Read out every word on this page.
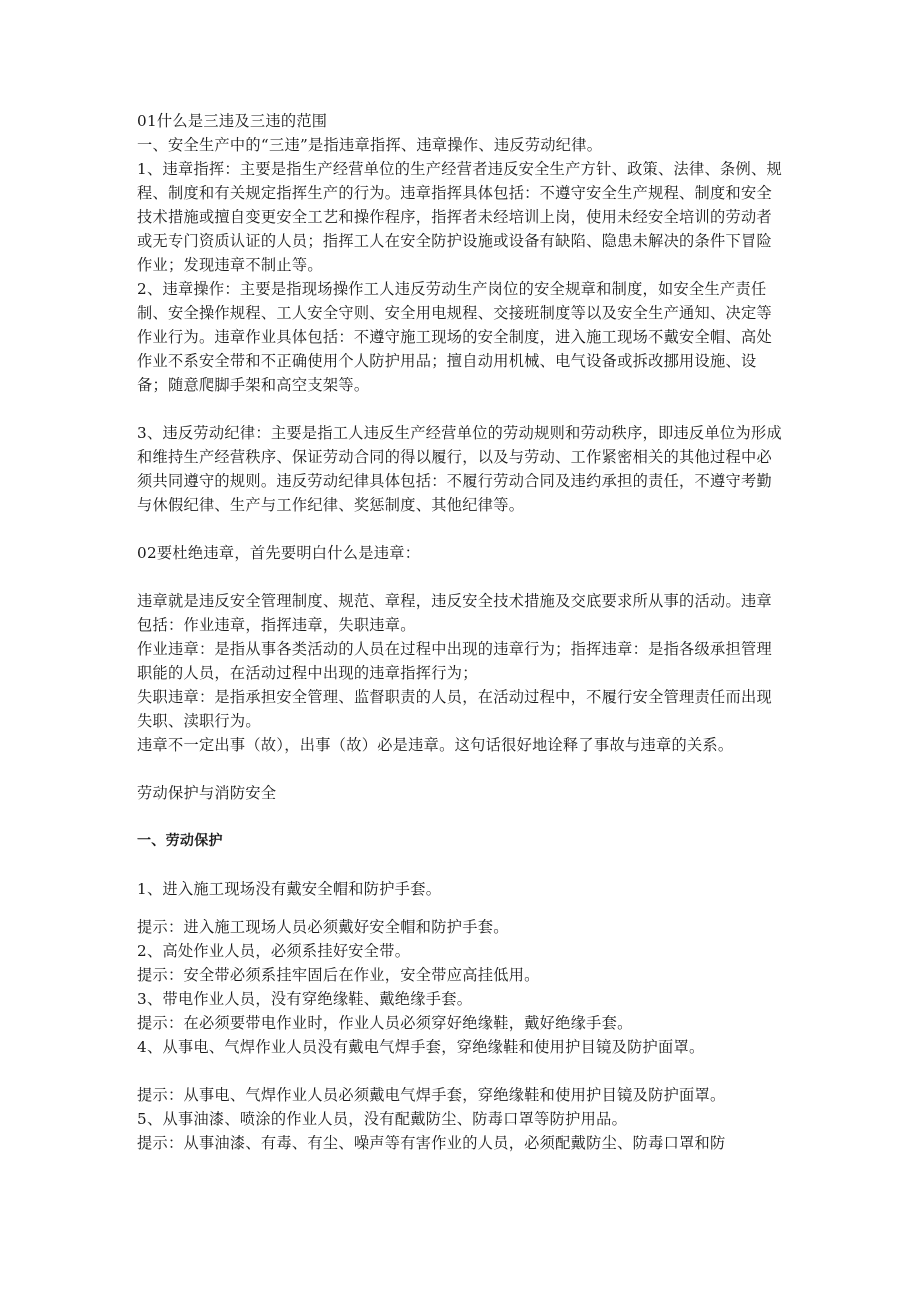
01什么是三违及三违的范围

一、安全生产中的“三违”是指违章指挥、违章操作、违反劳动纪律。

1、违章指挥：主要是指生产经营单位的生产经营者违反安全生产方针、政策、法律、条例、规程、制度和有关规定指挥生产的行为。违章指挥具体包括：不遵守安全生产规程、制度和安全技术措施或擅自变更安全工艺和操作程序，指挥者未经培训上岗，使用未经安全培训的劳动者或无专门资质认证的人员；指挥工人在安全防护设施或设备有缺陷、隐患未解决的条件下冒险作业；发现违章不制止等。

2、违章操作：主要是指现场操作工人违反劳动生产岗位的安全规章和制度，如安全生产责任制、安全操作规程、工人安全守则、安全用电规程、交接班制度等以及安全生产通知、决定等作业行为。违章作业具体包括：不遵守施工现场的安全制度，进入施工现场不戴安全帽、高处作业不系安全带和不正确使用个人防护用品；擅自动用机械、电气设备或拆改挪用设施、设备；随意爬脚手架和高空支架等。

3、违反劳动纪律：主要是指工人违反生产经营单位的劳动规则和劳动秩序，即违反单位为形成和维持生产经营秩序、保证劳动合同的得以履行，以及与劳动、工作紧密相关的其他过程中必须共同遵守的规则。违反劳动纪律具体包括：不履行劳动合同及违约承担的责任，不遵守考勤与休假纪律、生产与工作纪律、奖惩制度、其他纪律等。

02要杜绝违章，首先要明白什么是违章：

违章就是违反安全管理制度、规范、章程，违反安全技术措施及交底要求所从事的活动。违章包括：作业违章，指挥违章，失职违章。

作业违章：是指从事各类活动的人员在过程中出现的违章行为；指挥违章：是指各级承担管理职能的人员，在活动过程中出现的违章指挥行为；

失职违章：是指承担安全管理、监督职责的人员，在活动过程中，不履行安全管理责任而出现失职、渎职行为。

违章不一定出事（故），出事（故）必是违章。这句话很好地诠释了事故与违章的关系。

劳动保护与消防安全

一、劳动保护

1、进入施工现场没有戴安全帽和防护手套。

提示：进入施工现场人员必须戴好安全帽和防护手套。

2、高处作业人员，必须系挂好安全带。

提示：安全带必须系挂牢固后在作业，安全带应高挂低用。

3、带电作业人员，没有穿绝缘鞋、戴绝缘手套。

提示：在必须要带电作业时，作业人员必须穿好绝缘鞋，戴好绝缘手套。

4、从事电、气焊作业人员没有戴电气焊手套，穿绝缘鞋和使用护目镜及防护面罩。

提示：从事电、气焊作业人员必须戴电气焊手套，穿绝缘鞋和使用护目镜及防护面罩。

5、从事油漆、喷涂的作业人员，没有配戴防尘、防毒口罩等防护用品。

提示：从事油漆、有毒、有尘、噪声等有害作业的人员，必须配戴防尘、防毒口罩和防
